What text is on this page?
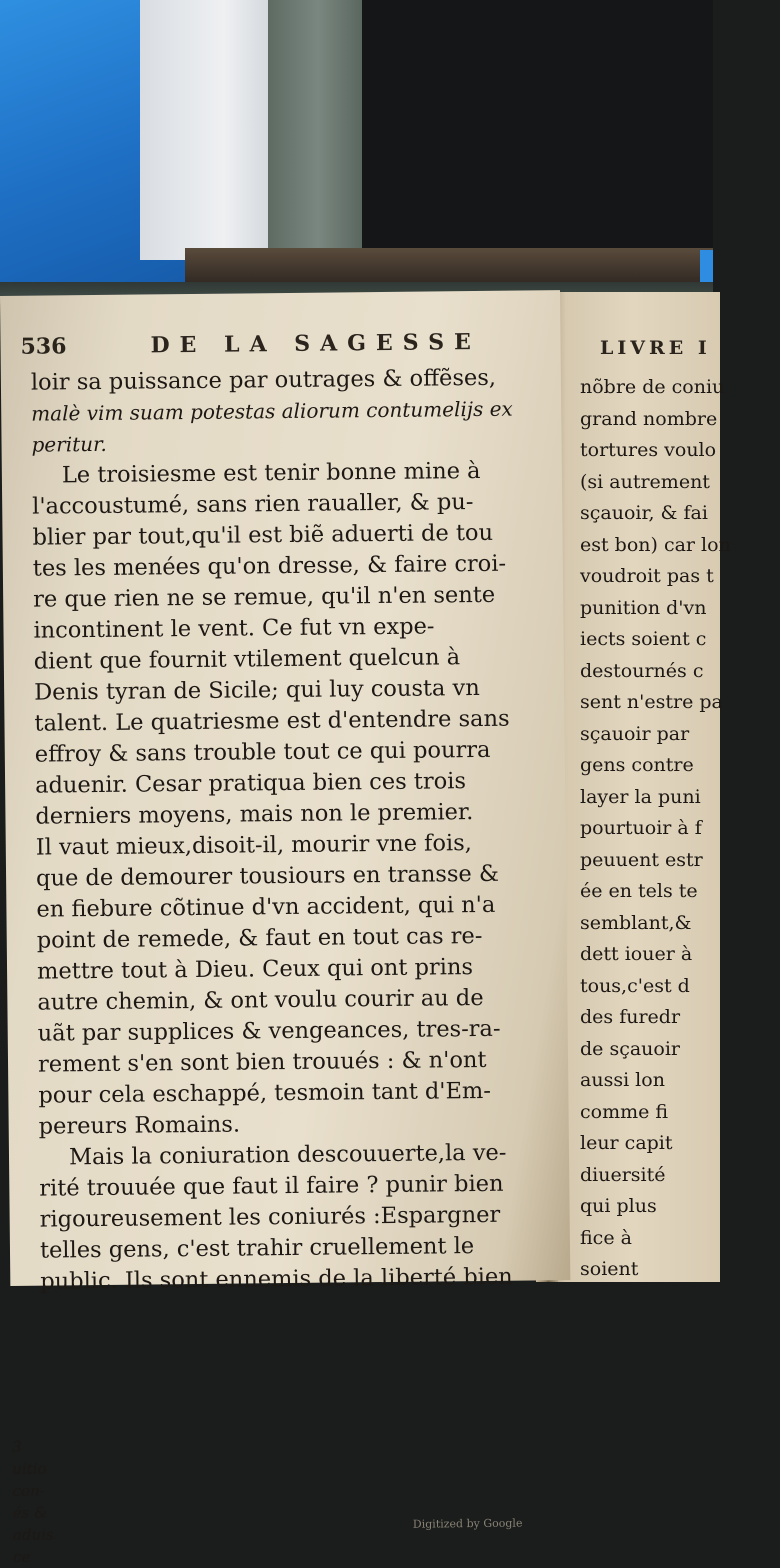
LIVRE I
nõbre de coniu
grand nombre
tortures voulo
(si autrement
sçauoir, & fai
est bon) car lon
voudroit pas t
punition d'vn
iects soient c
destournés c
sent n'estre pa
sçauoir par
gens contre
layer la puni
pourtuoir à f
peuuent estr
ée en tels te
semblant,&
dett iouer à
tous,c'est d
des furedr
de sçauoir
aussi lon
comme fi
leur capit
diuersité
qui plus
fice à
soient
536	DE LA SAGESSE
loir sa puissance par outrages & offẽses,
malè vim suam potestas aliorum contumelijs ex
peritur.
Le troisiesme est tenir bonne mine à
l'accoustumé, sans rien raualler, & pu-
blier par tout,qu'il est biẽ aduerti de tou
tes les menées qu'on dresse, & faire croi-
re que rien ne se remue, qu'il n'en sente
incontinent le vent. Ce fut vn expe-
dient que fournit vtilement quelcun à
Denis tyran de Sicile; qui luy cousta vn
talent. Le quatriesme est d'entendre sans
effroy & sans trouble tout ce qui pourra
aduenir. Cesar pratiqua bien ces trois
derniers moyens, mais non le premier.
Il vaut mieux,disoit-il, mourir vne fois,
que de demourer tousiours en transse &
en fiebure cõtinue d'vn accident, qui n'a
point de remede, & faut en tout cas re-
mettre tout à Dieu. Ceux qui ont prins
autre chemin, & ont voulu courir au de
uãt par supplices & vengeances, tres-ra-
rement s'en sont bien trouués : & n'ont
pour cela eschappé, tesmoin tant d'Em-
pereurs Romains.
Mais la coniuration descouuerte,la ve-
rité trouuée que faut il faire ? punir bien
rigoureusement les coniurés :Espargner
telles gens, c'est trahir cruellement le
public. Ils sont ennemis de la liberté bien
3
uitio
con-
és &
aduis
ce
Digitized by Google
